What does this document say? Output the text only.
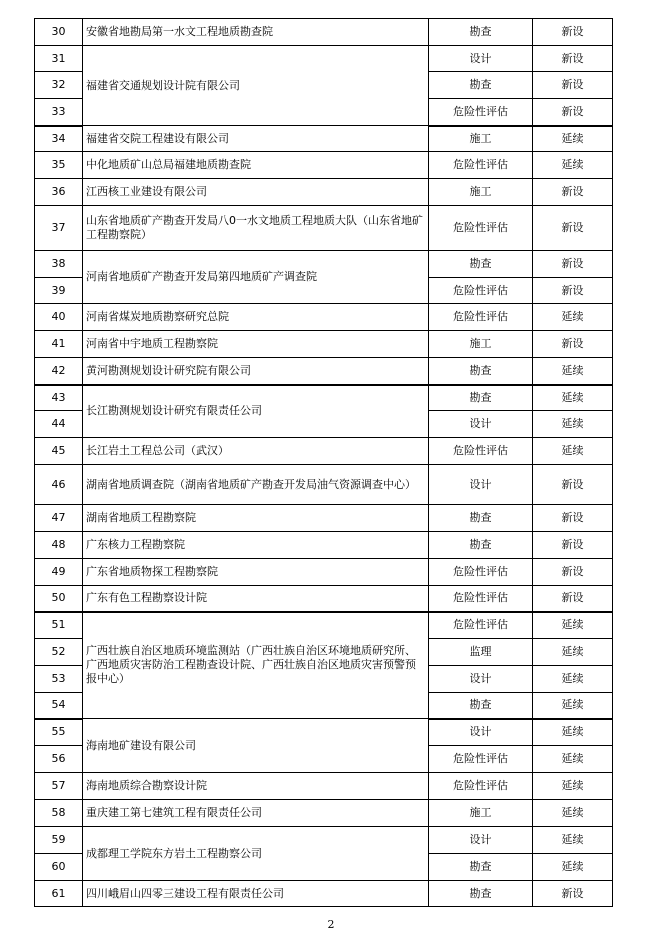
30	安徽省地勘局第一水文工程地质勘查院	勘查	新设
31	福建省交通规划设计院有限公司	设计	新设
32		勘查	新设
33		危险性评估	新设
34	福建省交院工程建设有限公司	施工	延续
35	中化地质矿山总局福建地质勘查院	危险性评估	延续
36	江西核工业建设有限公司	施工	新设
37	山东省地质矿产勘查开发局八0一水文地质工程地质大队（山东省地矿工程勘察院）	危险性评估	新设
38	河南省地质矿产勘查开发局第四地质矿产调查院	勘查	新设
39		危险性评估	新设
40	河南省煤炭地质勘察研究总院	危险性评估	延续
41	河南省中宇地质工程勘察院	施工	新设
42	黄河勘测规划设计研究院有限公司	勘查	延续
43	长江勘测规划设计研究有限责任公司	勘查	延续
44		设计	延续
45	长江岩土工程总公司（武汉）	危险性评估	延续
46	湖南省地质调查院（湖南省地质矿产勘查开发局油气资源调查中心）	设计	新设
47	湖南省地质工程勘察院	勘查	新设
48	广东核力工程勘察院	勘查	新设
49	广东省地质物探工程勘察院	危险性评估	新设
50	广东有色工程勘察设计院	危险性评估	新设
51	广西壮族自治区地质环境监测站（广西壮族自治区环境地质研究所、广西地质灾害防治工程勘查设计院、广西壮族自治区地质灾害预警预报中心）	危险性评估	延续
52		监理	延续
53		设计	延续
54		勘查	延续
55	海南地矿建设有限公司	设计	延续
56		危险性评估	延续
57	海南地质综合勘察设计院	危险性评估	延续
58	重庆建工第七建筑工程有限责任公司	施工	延续
59	成都理工学院东方岩土工程勘察公司	设计	延续
60		勘查	延续
61	四川峨眉山四零三建设工程有限责任公司	勘查	新设
2
